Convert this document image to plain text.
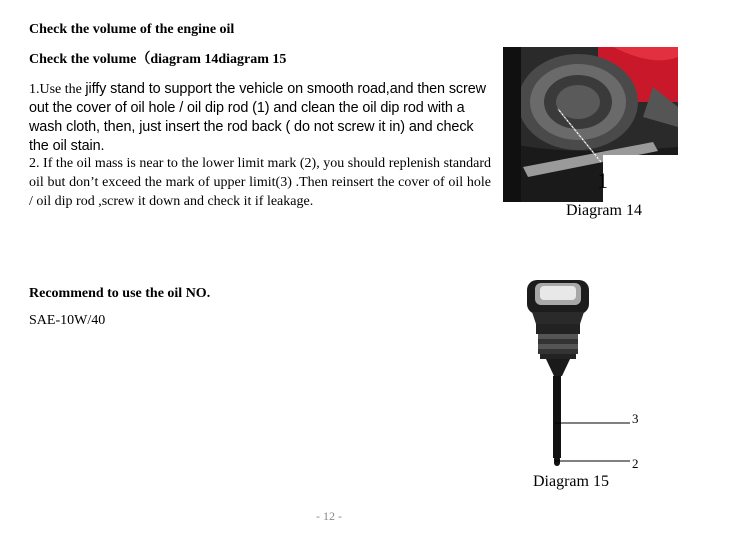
Check the volume of the engine oil
Check the volume（diagram 14diagram 15
1.Use the jiffy stand to support the vehicle on smooth road,and then screw out the cover of oil hole / oil dip rod (1) and clean the oil dip rod with a wash cloth, then, just insert the rod back ( do not screw it in) and check the oil stain.
2. If the oil mass is near to the lower limit mark (2), you should replenish standard oil but don’t exceed the mark of upper limit(3) .Then reinsert the cover of oil hole / oil dip rod ,screw it down and check it if leakage.
Recommend to use the oil NO.
SAE-10W/40
1
Diagram 14
3
2
Diagram 15
- 12 -
